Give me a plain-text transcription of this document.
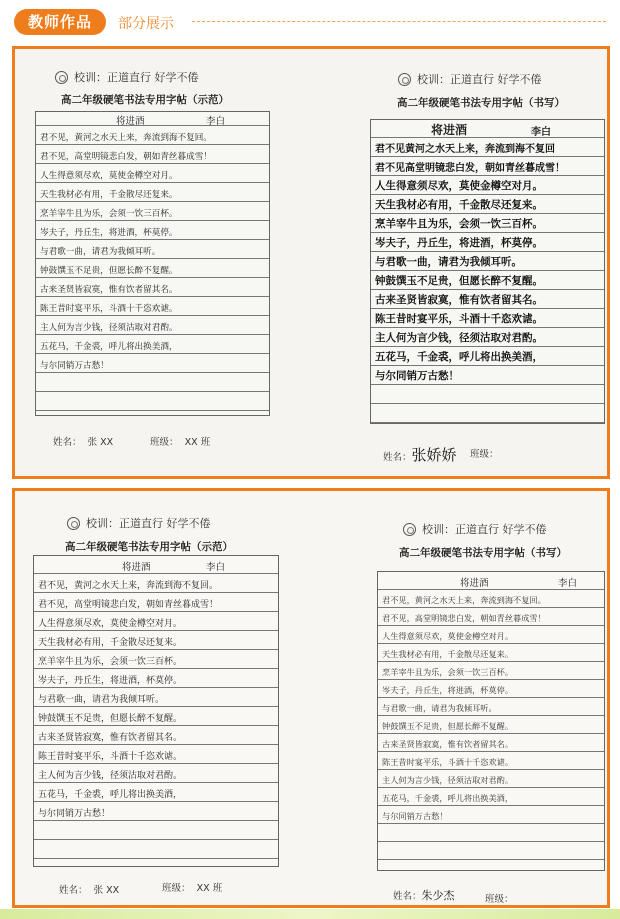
教师作品	部分展示
校训：正道直行 好学不倦
高二年级硬笔书法专用字帖（示范）
将进酒	李白
君不见，黄河之水天上来，奔流到海不复回。
君不见，高堂明镜悲白发，朝如青丝暮成雪！
人生得意须尽欢，莫使金樽空对月。
天生我材必有用，千金散尽还复来。
烹羊宰牛且为乐，会须一饮三百杯。
岑夫子，丹丘生，将进酒，杯莫停。
与君歌一曲，请君为我倾耳听。
钟鼓馔玉不足贵，但愿长醉不复醒。
古来圣贤皆寂寞，惟有饮者留其名。
陈王昔时宴平乐，斗酒十千恣欢谑。
主人何为言少钱，径须沽取对君酌。
五花马，千金裘，呼儿将出换美酒，
与尔同销万古愁！
姓名： 张 XX	班级： XX 班
校训：正道直行 好学不倦
高二年级硬笔书法专用字帖（书写）
将进酒	李白
君不见黄河之水天上来，奔流到海不复回
君不见高堂明镜悲白发，朝如青丝暮成雪！
人生得意须尽欢，莫使金樽空对月。
天生我材必有用，千金散尽还复来。
烹羊宰牛且为乐，会须一饮三百杯。
岑夫子，丹丘生，将进酒，杯莫停。
与君歌一曲，请君为我倾耳听。
钟鼓馔玉不足贵，但愿长醉不复醒。
古来圣贤皆寂寞，惟有饮者留其名。
陈王昔时宴平乐，斗酒十千恣欢谑。
主人何为言少钱，径须沽取对君酌。
五花马，千金裘，呼儿将出换美酒，
与尔同销万古愁！
姓名：张娇娇 班级：
校训：正道直行 好学不倦
高二年级硬笔书法专用字帖（示范）
将进酒	李白
君不见，黄河之水天上来，奔流到海不复回。
君不见，高堂明镜悲白发，朝如青丝暮成雪！
人生得意须尽欢，莫使金樽空对月。
天生我材必有用，千金散尽还复来。
烹羊宰牛且为乐，会须一饮三百杯。
岑夫子，丹丘生，将进酒，杯莫停。
与君歌一曲，请君为我倾耳听。
钟鼓馔玉不足贵，但愿长醉不复醒。
古来圣贤皆寂寞，惟有饮者留其名。
陈王昔时宴平乐，斗酒十千恣欢谑。
主人何为言少钱，径须沽取对君酌。
五花马，千金裘，呼儿将出换美酒，
与尔同销万古愁！
姓名： 张 XX	班级： XX 班
校训：正道直行 好学不倦
高二年级硬笔书法专用字帖（书写）
将进酒	李白
君不见，黄河之水天上来，奔流到海不复回。
君不见，高堂明镜悲白发，朝如青丝暮成雪！
人生得意须尽欢，莫使金樽空对月。
天生我材必有用，千金散尽还复来。
烹羊宰牛且为乐，会须一饮三百杯。
岑夫子，丹丘生，将进酒，杯莫停。
与君歌一曲，请君为我倾耳听。
钟鼓馔玉不足贵，但愿长醉不复醒。
古来圣贤皆寂寞，惟有饮者留其名。
陈王昔时宴平乐，斗酒十千恣欢谑。
主人何为言少钱，径须沽取对君酌。
五花马，千金裘，呼儿将出换美酒，
与尔同销万古愁！
姓名：朱少杰	班级：
